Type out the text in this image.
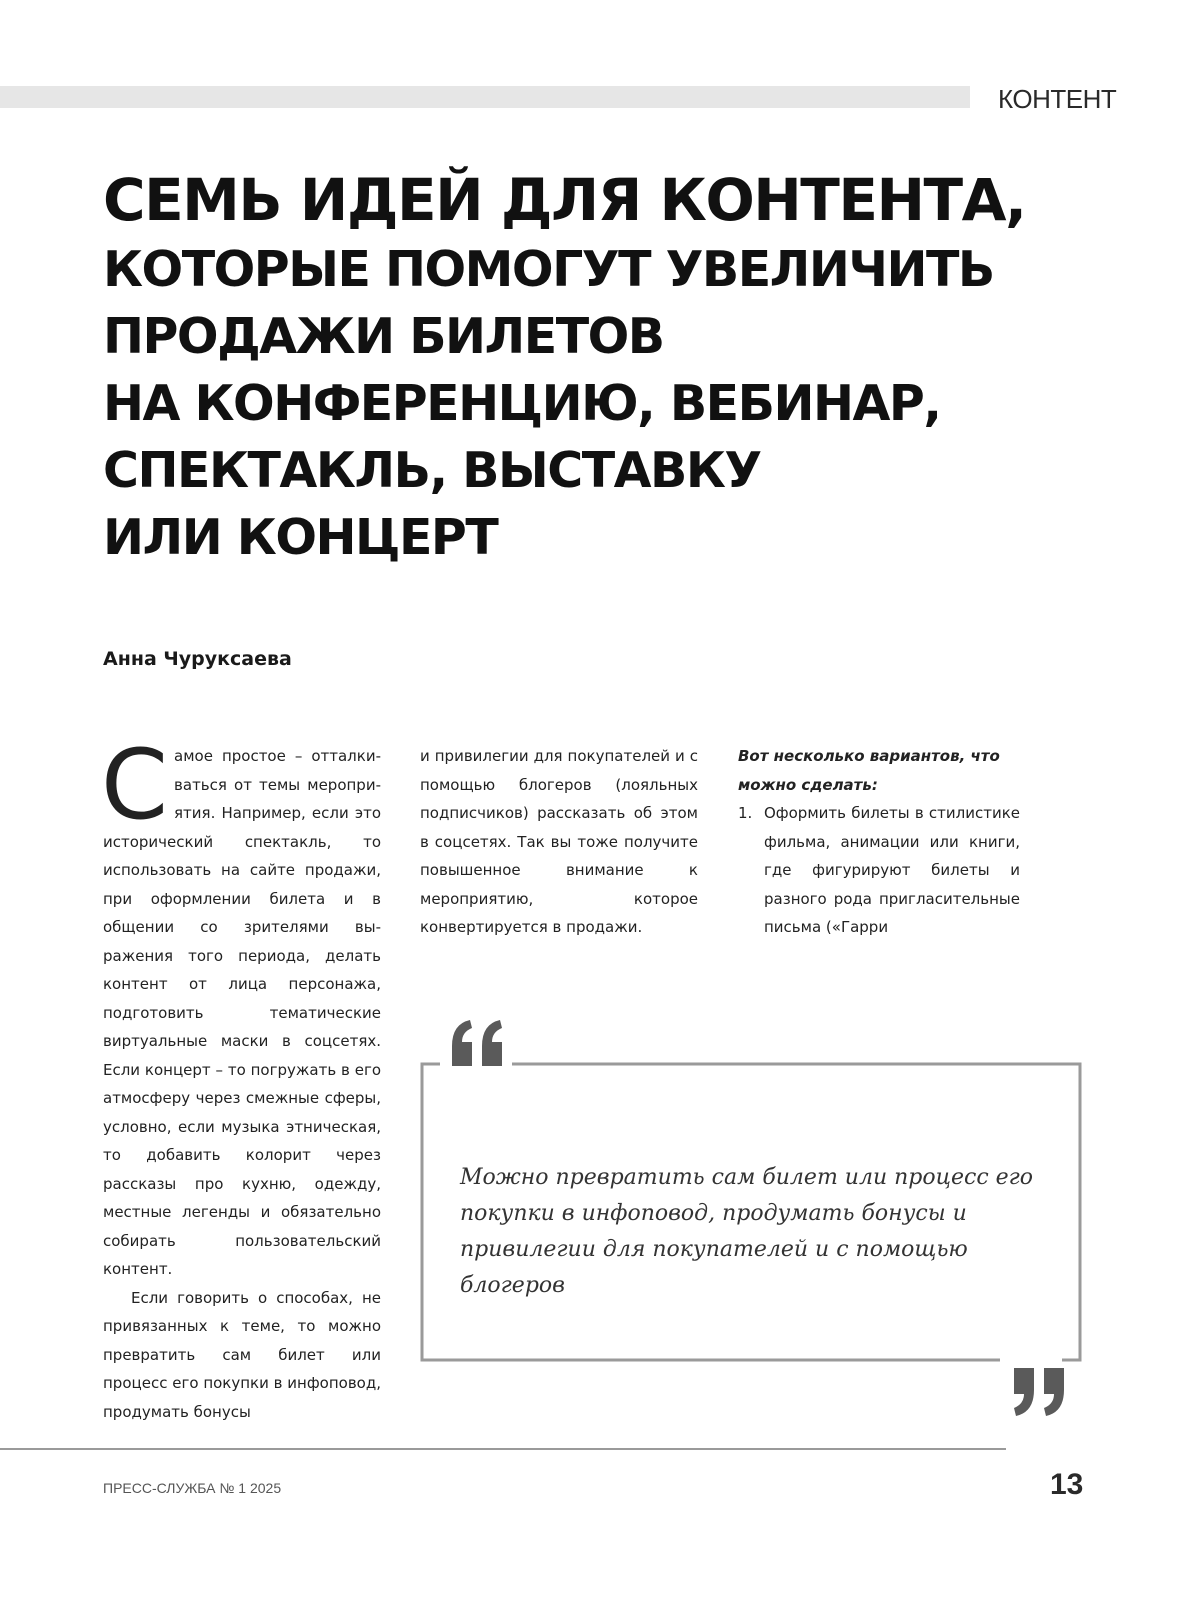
КОНТЕНТ
СЕМЬ ИДЕЙ ДЛЯ КОНТЕНТА,
КОТОРЫЕ ПОМОГУТ УВЕЛИЧИТЬ
ПРОДАЖИ БИЛЕТОВ
НА КОНФЕРЕНЦИЮ, ВЕБИНАР,
СПЕКТАКЛЬ, ВЫСТАВКУ
ИЛИ КОНЦЕРТ
Анна Чуруксаева

Самое простое – отталкиваться от темы мероприятия. Например, если это исторический спектакль, то использовать на сайте продажи, при оформлении билета и в общении со зрителями выражения того периода, делать контент от лица персонажа, подготовить тематические виртуальные маски в соцсетях. Если концерт – то погружать в его атмосферу через смежные сферы, условно, если музыка этническая, то добавить колорит через рассказы про кухню, одежду, местные легенды и обязательно собирать пользовательский контент.

Если говорить о способах, не привязанных к теме, то можно превратить сам билет или процесс его покупки в инфоповод, продумать бонусы

и привилегии для покупателей и с помощью блогеров (лояльных подписчиков) рассказать об этом в соцсетях. Так вы тоже получите повышенное внимание к мероприятию, которое конвертируется в продажи.

Вот несколько вариантов, что можно сделать:

1. Оформить билеты в стилистике фильма, анимации или книги, где фигурируют билеты и разного рода пригласительные письма («Гарри

Можно превратить сам билет или процесс его покупки в инфоповод, продумать бонусы и привилегии для покупателей и с помощью блогеров

ПРЕСС-СЛУЖБА № 1 2025	13
